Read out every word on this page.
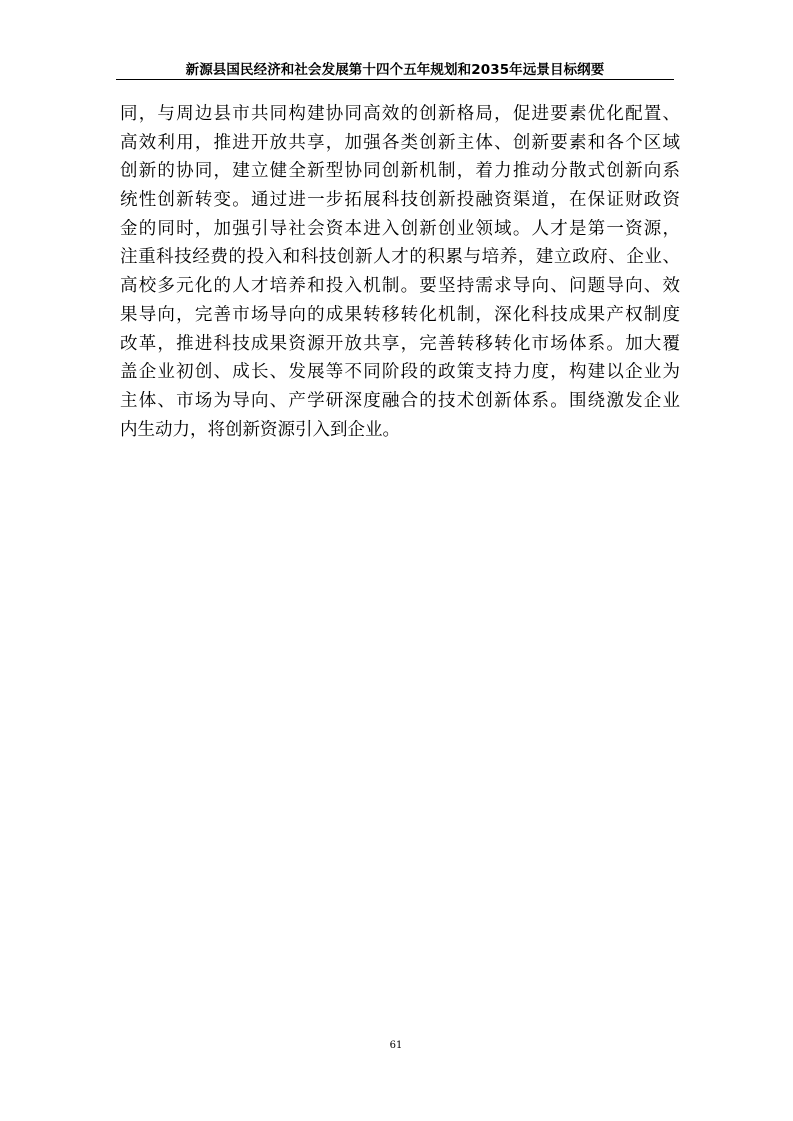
新源县国民经济和社会发展第十四个五年规划和2035年远景目标纲要
同，与周边县市共同构建协同高效的创新格局，促进要素优化配置、
高效利用，推进开放共享，加强各类创新主体、创新要素和各个区域
创新的协同，建立健全新型协同创新机制，着力推动分散式创新向系
统性创新转变。通过进一步拓展科技创新投融资渠道，在保证财政资
金的同时，加强引导社会资本进入创新创业领域。人才是第一资源，
注重科技经费的投入和科技创新人才的积累与培养，建立政府、企业、
高校多元化的人才培养和投入机制。要坚持需求导向、问题导向、效
果导向，完善市场导向的成果转移转化机制，深化科技成果产权制度
改革，推进科技成果资源开放共享，完善转移转化市场体系。加大覆
盖企业初创、成长、发展等不同阶段的政策支持力度，构建以企业为
主体、市场为导向、产学研深度融合的技术创新体系。围绕激发企业
内生动力，将创新资源引入到企业。
61
